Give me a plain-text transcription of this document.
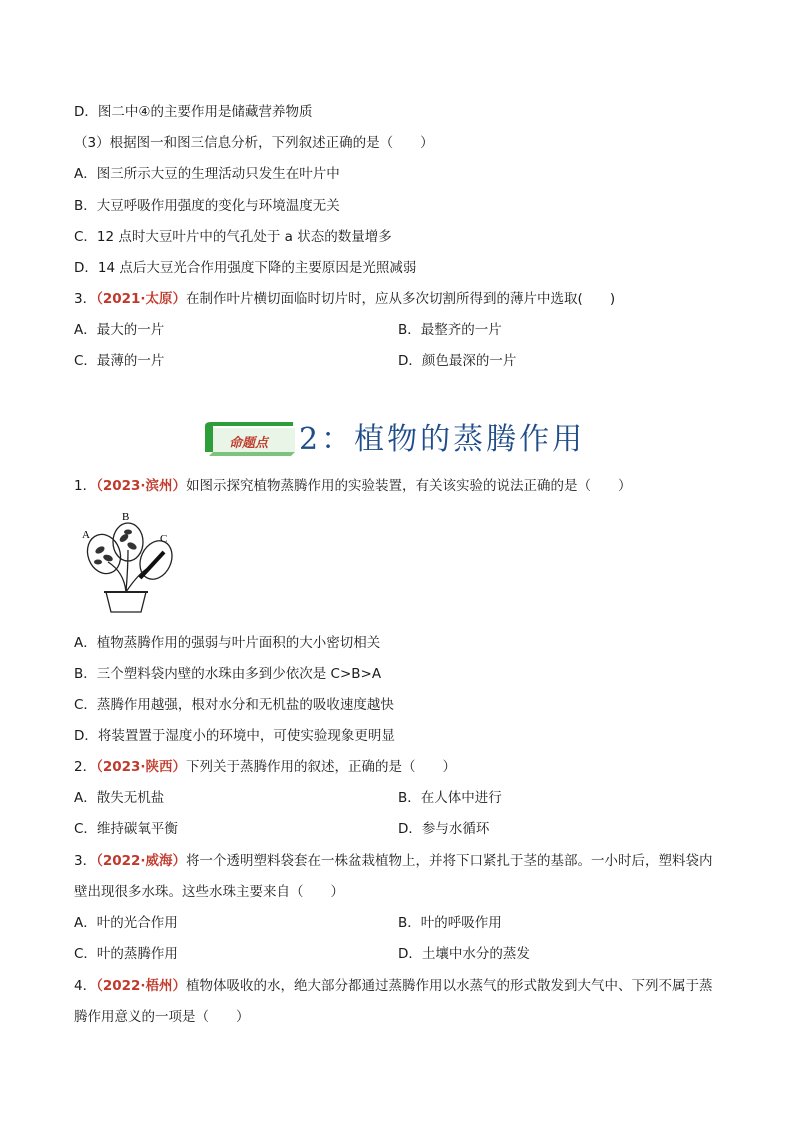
D．图二中④的主要作用是储藏营养物质
（3）根据图一和图三信息分析，下列叙述正确的是（　　）
A．图三所示大豆的生理活动只发生在叶片中
B．大豆呼吸作用强度的变化与环境温度无关
C．12 点时大豆叶片中的气孔处于 a 状态的数量增多
D．14 点后大豆光合作用强度下降的主要原因是光照减弱
3．（2021·太原）在制作叶片横切面临时切片时，应从多次切割所得到的薄片中选取(　　)
A．最大的一片	B．最整齐的一片
C．最薄的一片	D．颜色最深的一片
命题点 2：植物的蒸腾作用
1．（2023·滨州）如图示探究植物蒸腾作用的实验装置，有关该实验的说法正确的是（　　）
A
B
C
A．植物蒸腾作用的强弱与叶片面积的大小密切相关
B．三个塑料袋内壁的水珠由多到少依次是 C>B>A
C．蒸腾作用越强，根对水分和无机盐的吸收速度越快
D．将装置置于湿度小的环境中，可使实验现象更明显
2．（2023·陕西）下列关于蒸腾作用的叙述，正确的是（　　）
A．散失无机盐	B．在人体中进行
C．维持碳氧平衡	D．参与水循环
3．（2022·威海）将一个透明塑料袋套在一株盆栽植物上，并将下口紧扎于茎的基部。一小时后，塑料袋内
壁出现很多水珠。这些水珠主要来自（　　）
A．叶的光合作用	B．叶的呼吸作用
C．叶的蒸腾作用	D．土壤中水分的蒸发
4．（2022·梧州）植物体吸收的水，绝大部分都通过蒸腾作用以水蒸气的形式散发到大气中、下列不属于蒸
腾作用意义的一项是（　　）
